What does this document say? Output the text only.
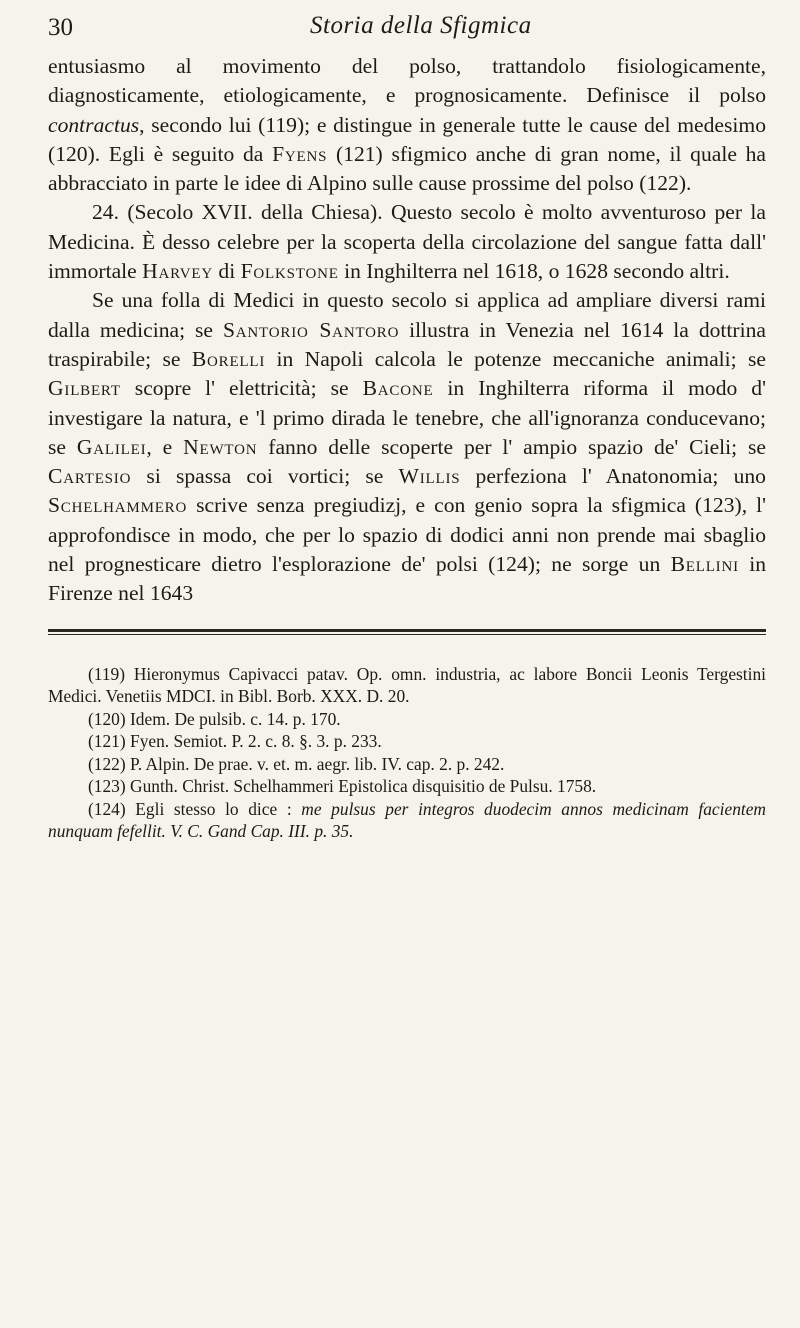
30	Storia della Sfigmica

entusiasmo al movimento del polso, trattandolo fisiologicamente, diagnosticamente, etiologicamente, e prognosicamente. Definisce il polso contractus, secondo lui (119); e distingue in generale tutte le cause del medesimo (120). Egli è seguito da Fyens (121) sfigmico anche di gran nome, il quale ha abbracciato in parte le idee di Alpino sulle cause prossime del polso (122).

24. (Secolo XVII. della Chiesa). Questo secolo è molto avventuroso per la Medicina. È desso celebre per la scoperta della circolazione del sangue fatta dall' immortale Harvey di Folkstone in Inghilterra nel 1618, o 1628 secondo altri.

Se una folla di Medici in questo secolo si applica ad ampliare diversi rami dalla medicina; se Santorio Santoro illustra in Venezia nel 1614 la dottrina traspirabile; se Borelli in Napoli calcola le potenze meccaniche animali; se Gilbert scopre l' elettricità; se Bacone in Inghilterra riforma il modo d' investigare la natura, e 'l primo dirada le tenebre, che all'ignoranza conducevano; se Galilei, e Newton fanno delle scoperte per l' ampio spazio de' Cieli; se Cartesio si spassa coi vortici; se Willis perfeziona l' Anatonomia; uno Schelhammero scrive senza pregiudizj, e con genio sopra la sfigmica (123), l' approfondisce in modo, che per lo spazio di dodici anni non prende mai sbaglio nel prognesticare dietro l'esplorazione de' polsi (124); ne sorge un Bellini in Firenze nel 1643

(119) Hieronymus Capivacci patav. Op. omn. industria, ac labore Boncii Leonis Tergestini Medici. Venetiis MDCI. in Bibl. Borb. XXX. D. 20.

(120) Idem. De pulsib. c. 14. p. 170.

(121) Fyen. Semiot. P. 2. c. 8. §. 3. p. 233.

(122) P. Alpin. De prae. v. et. m. aegr. lib. IV. cap. 2. p. 242.

(123) Gunth. Christ. Schelhammeri Epistolica disquisitio de Pulsu. 1758.

(124) Egli stesso lo dice : me pulsus per integros duodecim annos medicinam facientem nunquam fefellit. V. C. Gand Cap. III. p. 35.
